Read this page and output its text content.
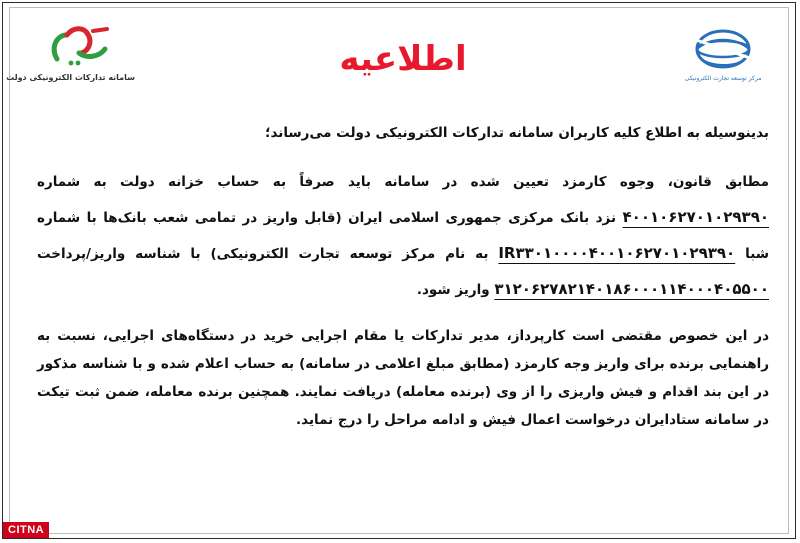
سامانه تدارکات الکترونیکی دولت	اطلاعیه	مرکز توسعه تجارت الکترونیکی

بدینوسیله به اطلاع کلیه کاربران سامانه تدارکات الکترونیکی دولت می‌رساند؛

مطابق قانون، وجوه کارمزد تعیین شده در سامانه باید صرفاً به حساب خزانه دولت به شماره ۴۰۰۱۰۶۲۷۰۱۰۲۹۳۹۰ نزد بانک مرکزی جمهوری اسلامی ایران (قابل واریز در تمامی شعب بانک‌ها با شماره شبا IR۳۳۰۱۰۰۰۰۴۰۰۱۰۶۲۷۰۱۰۲۹۳۹۰ به نام مرکز توسعه تجارت الکترونیکی) با شناسه واریز/پرداخت ۳۱۲۰۶۲۷۸۲۱۴۰۱۸۶۰۰۰۱۱۴۰۰۰۴۰۵۵۰۰ واریز شود.

در این خصوص مقتضی است کارپرداز، مدیر تدارکات یا مقام اجرایی خرید در دستگاه‌های اجرایی، نسبت به راهنمایی برنده برای واریز وجه کارمزد (مطابق مبلغ اعلامی در سامانه) به حساب اعلام شده و با شناسه مذکور در این بند اقدام و فیش واریزی را از وی (برنده معامله) دریافت نمایند. همچنین برنده معامله، ضمن ثبت تیکت در سامانه ستادایران درخواست اعمال فیش و ادامه مراحل را درج نماید.

CITNA
